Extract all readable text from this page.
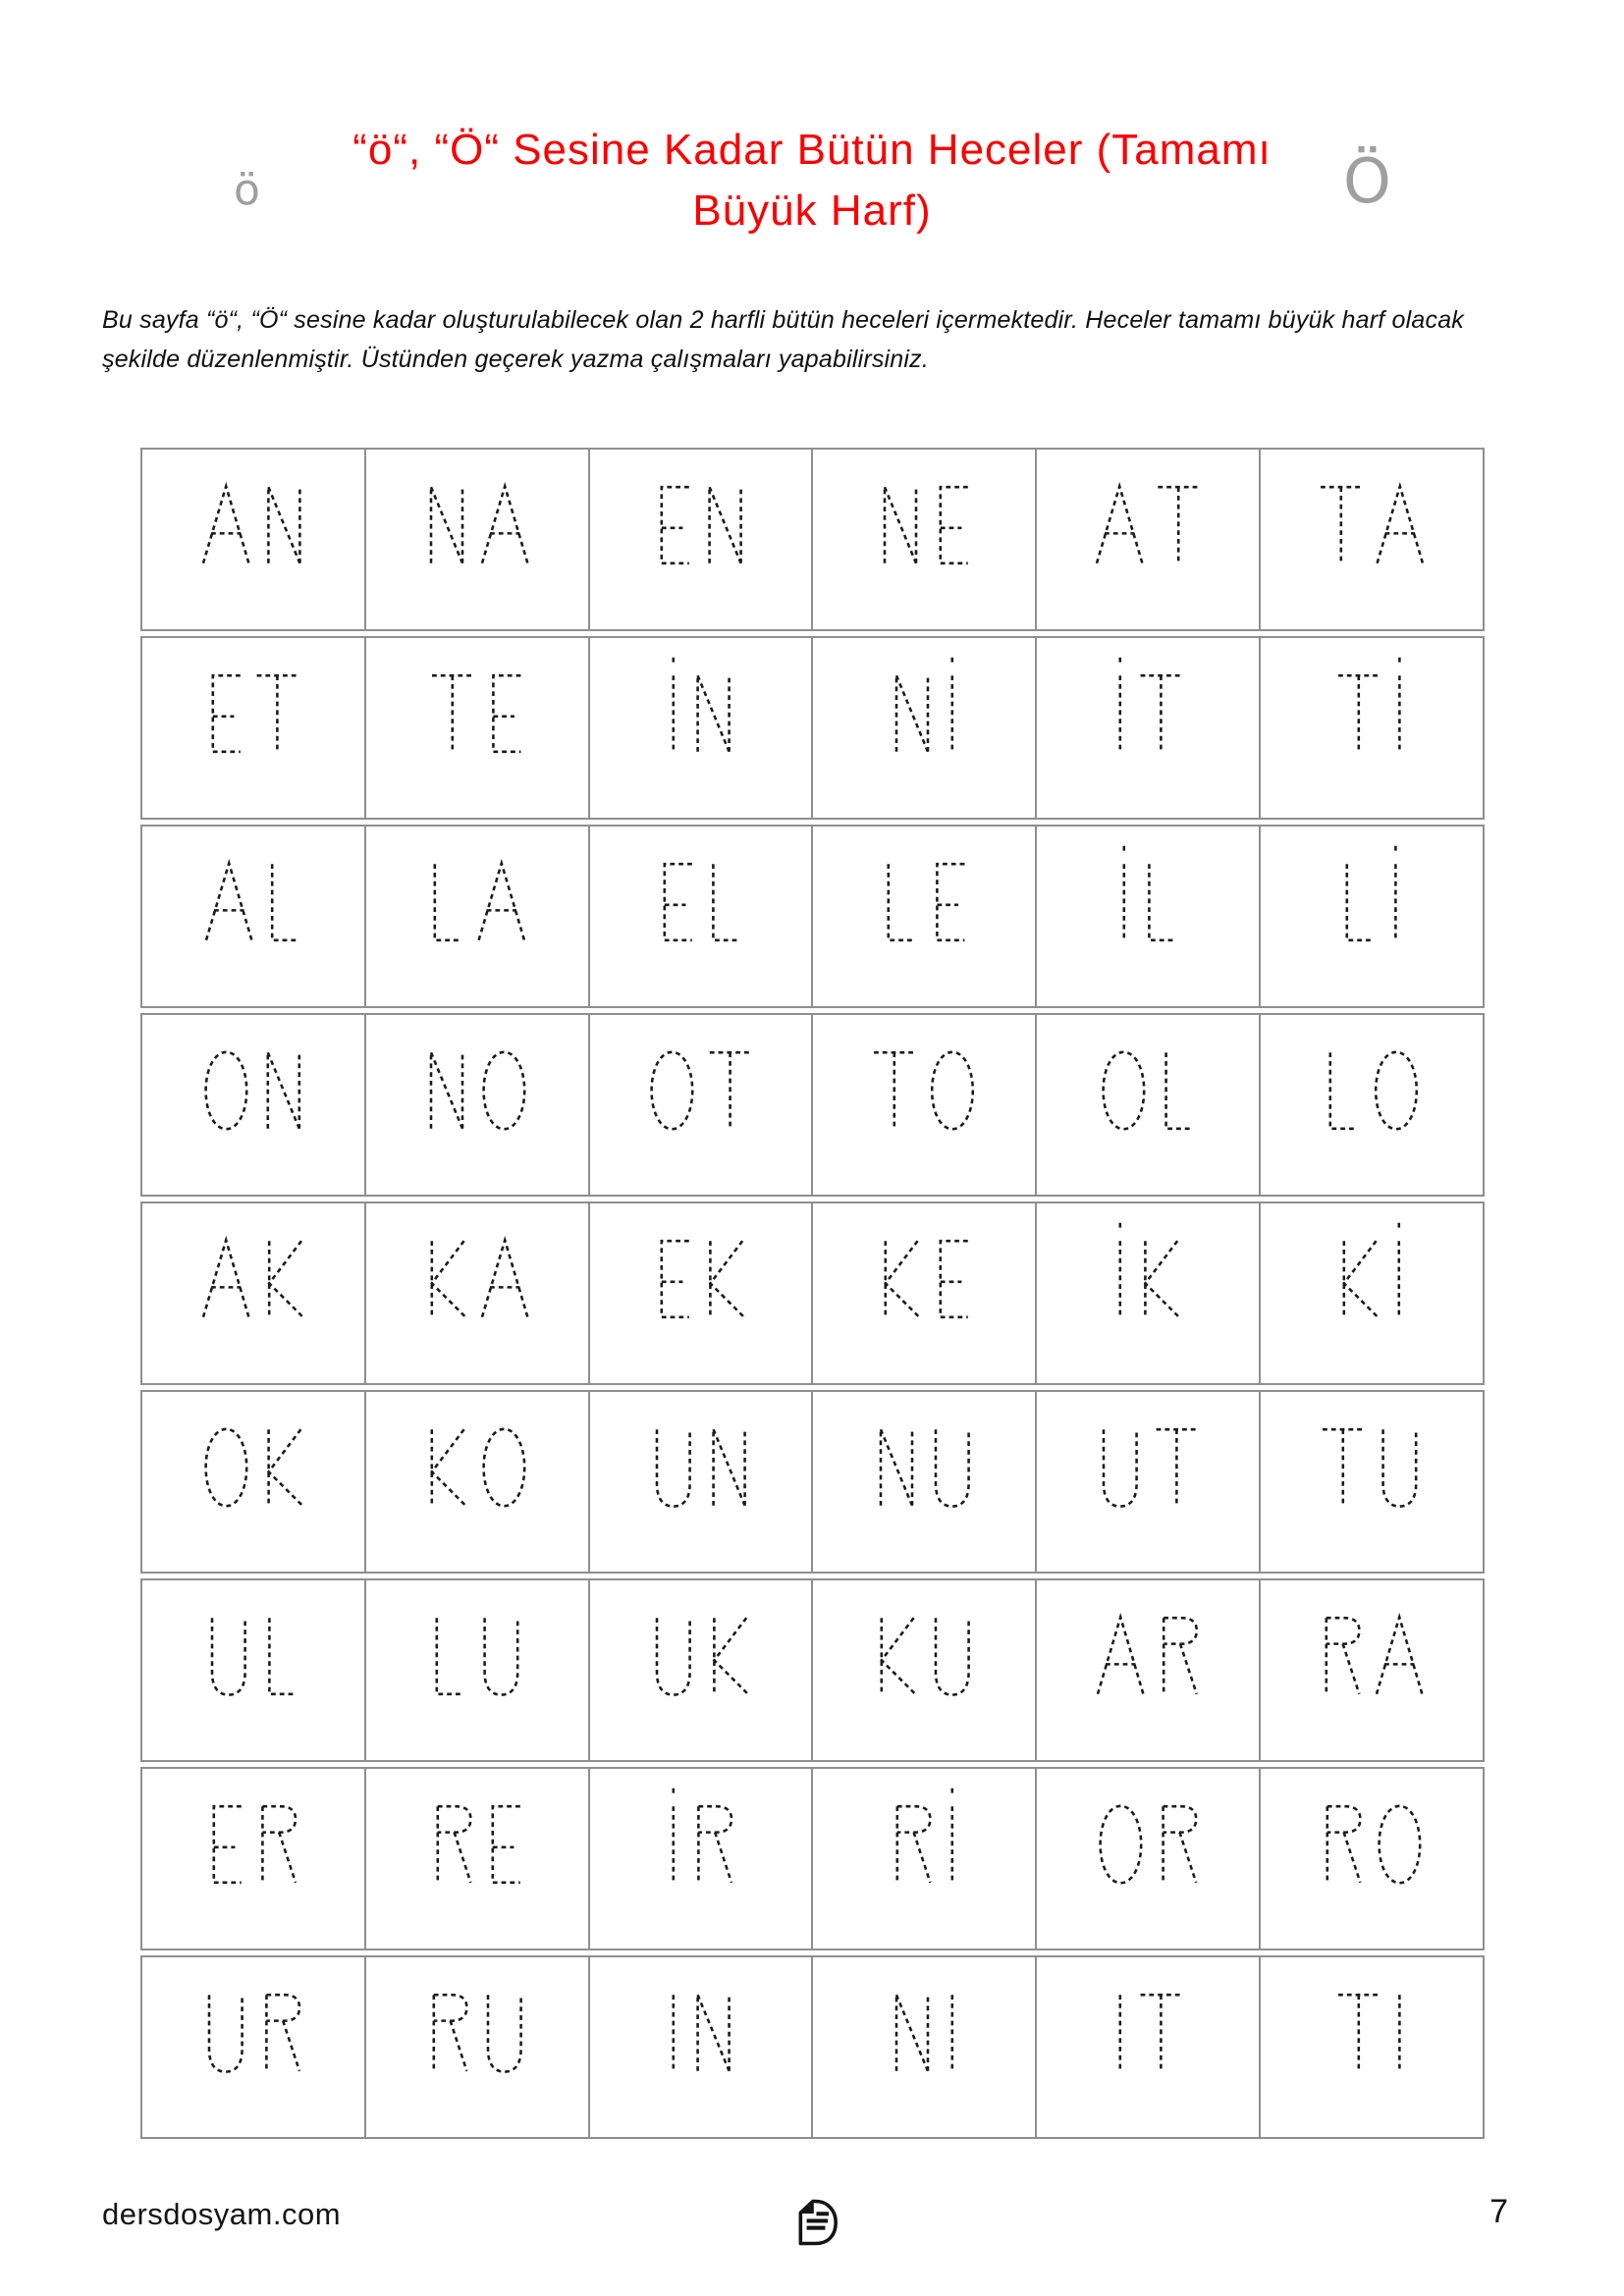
ö
“ö“, “Ö“ Sesine Kadar Bütün Heceler (Tamamı
Büyük Harf)	Ö

Bu sayfa “ö“, “Ö“ sesine kadar oluşturulabilecek olan 2 harfli bütün heceleri içermektedir. Heceler tamamı büyük harf olacak şekilde düzenlenmiştir. Üstünden geçerek yazma çalışmaları yapabilirsiniz.

dersdosyam.com	7
